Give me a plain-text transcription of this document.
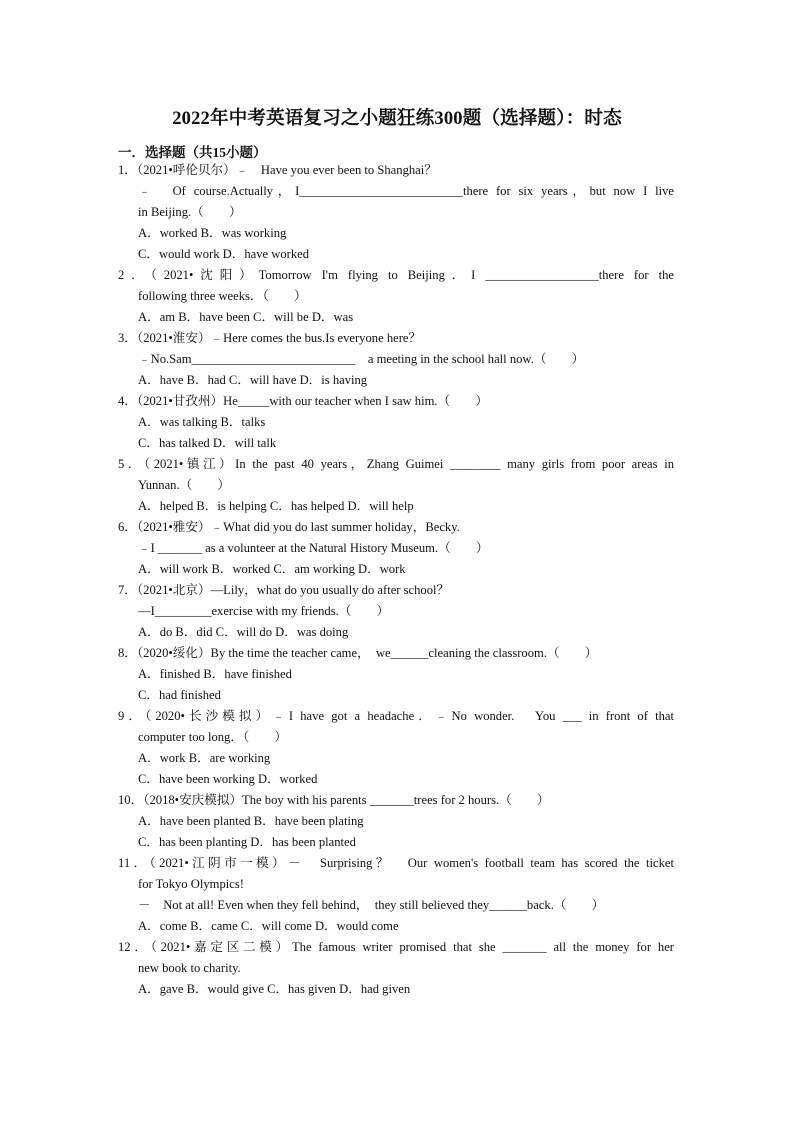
2022年中考英语复习之小题狂练300题（选择题）：时态
一．选择题（共15小题）
1．（2021•呼伦贝尔）﹣　Have you ever been to Shanghai？
﹣　Of course.Actually，I__________________________there for six years，but now I live
in Beijing.（　　）
A．worked B．was working
C．would work D．have worked
2．（2021•沈阳）Tomorrow I'm flying to Beijing．I __________________there for the
following three weeks．（　　）
A．am B．have been C．will be D．was
3．（2021•淮安）﹣Here comes the bus.Is everyone here？
﹣No.Sam__________________________　a meeting in the school hall now.（　　）
A．have B．had C．will have D．is having
4．（2021•甘孜州）He_____with our teacher when I saw him.（　　）
A．was talking B．talks
C．has talked D．will talk
5．（2021•镇江）In the past 40 years，Zhang Guimei ________ many girls from poor areas in
Yunnan.（　　）
A．helped B．is helping C．has helped D．will help
6．（2021•雅安）﹣What did you do last summer holiday，Becky.
﹣I _______ as a volunteer at the Natural History Museum.（　　）
A．will work B．worked C．am working D．work
7．（2021•北京）—Lily，what do you usually do after school？
—I_________exercise with my friends.（　　）
A．do B．did C．will do D．was doing
8．（2020•绥化）By the time the teacher came，　we______cleaning the classroom.（　　）
A．finished B．have finished
C．had finished
9．（2020•长沙模拟）﹣I have got a headache．﹣No wonder.　You ___ in front of that
computer too long．（　　）
A．work B．are working
C．have been working D．worked
10．（2018•安庆模拟）The boy with his parents _______trees for 2 hours.（　　）
A．have been planted B．have been plating
C．has been planting D．has been planted
11．（2021•江阴市一模）－　Surprising？　Our women's football team has scored the ticket
for Tokyo Olympics!
－　Not at all! Even when they fell behind，　they still believed they______back.（　　）
A．come B．came C．will come D．would come
12．（2021•嘉定区二模）The famous writer promised that she _______ all the money for her
new book to charity.
A．gave B．would give C．has given D．had given
